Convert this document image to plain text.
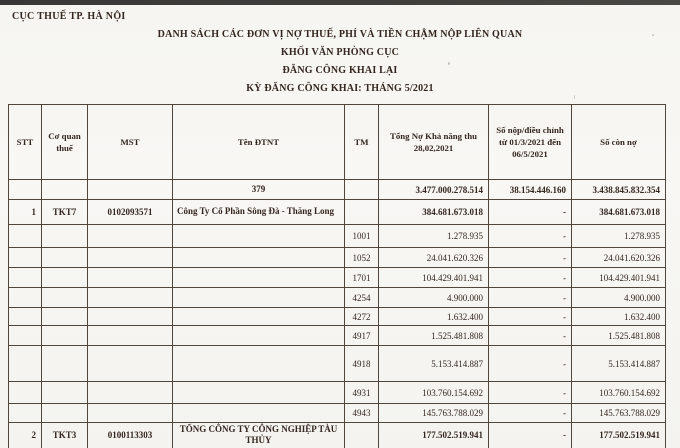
CỤC THUẾ TP. HÀ NỘI
DANH SÁCH CÁC ĐƠN VỊ NỢ THUẾ, PHÍ VÀ TIỀN CHẬM NỘP LIÊN QUAN
KHỐI VĂN PHÒNG CỤC
ĐĂNG CÔNG KHAI LẠI
KỲ ĐĂNG CÔNG KHAI: THÁNG 5/2021
STT	Cơ quan thuế	MST	Tên ĐTNT	TM	Tổng Nợ Khả năng thu 28,02,2021	Số nộp/điều chỉnh từ 01/3/2021 đến 06/5/2021	Số còn nợ
			379		3.477.000.278.514	38.154.446.160	3.438.845.832.354
1	TKT7	0102093571	Công Ty Cổ Phần Sông Đà - Thăng Long		384.681.673.018	-	384.681.673.018
				1001	1.278.935	-	1.278.935
				1052	24.041.620.326	-	24.041.620.326
				1701	104.429.401.941	-	104.429.401.941
				4254	4.900.000	-	4.900.000
				4272	1.632.400	-	1.632.400
				4917	1.525.481.808	-	1.525.481.808
				4918	5.153.414.887	-	5.153.414.887
				4931	103.760.154.692	-	103.760.154.692
				4943	145.763.788.029	-	145.763.788.029
2	TKT3	0100113303	TỔNG CÔNG TY CÔNG NGHIỆP TÀU THỦY		177.502.519.941	-	177.502.519.941
